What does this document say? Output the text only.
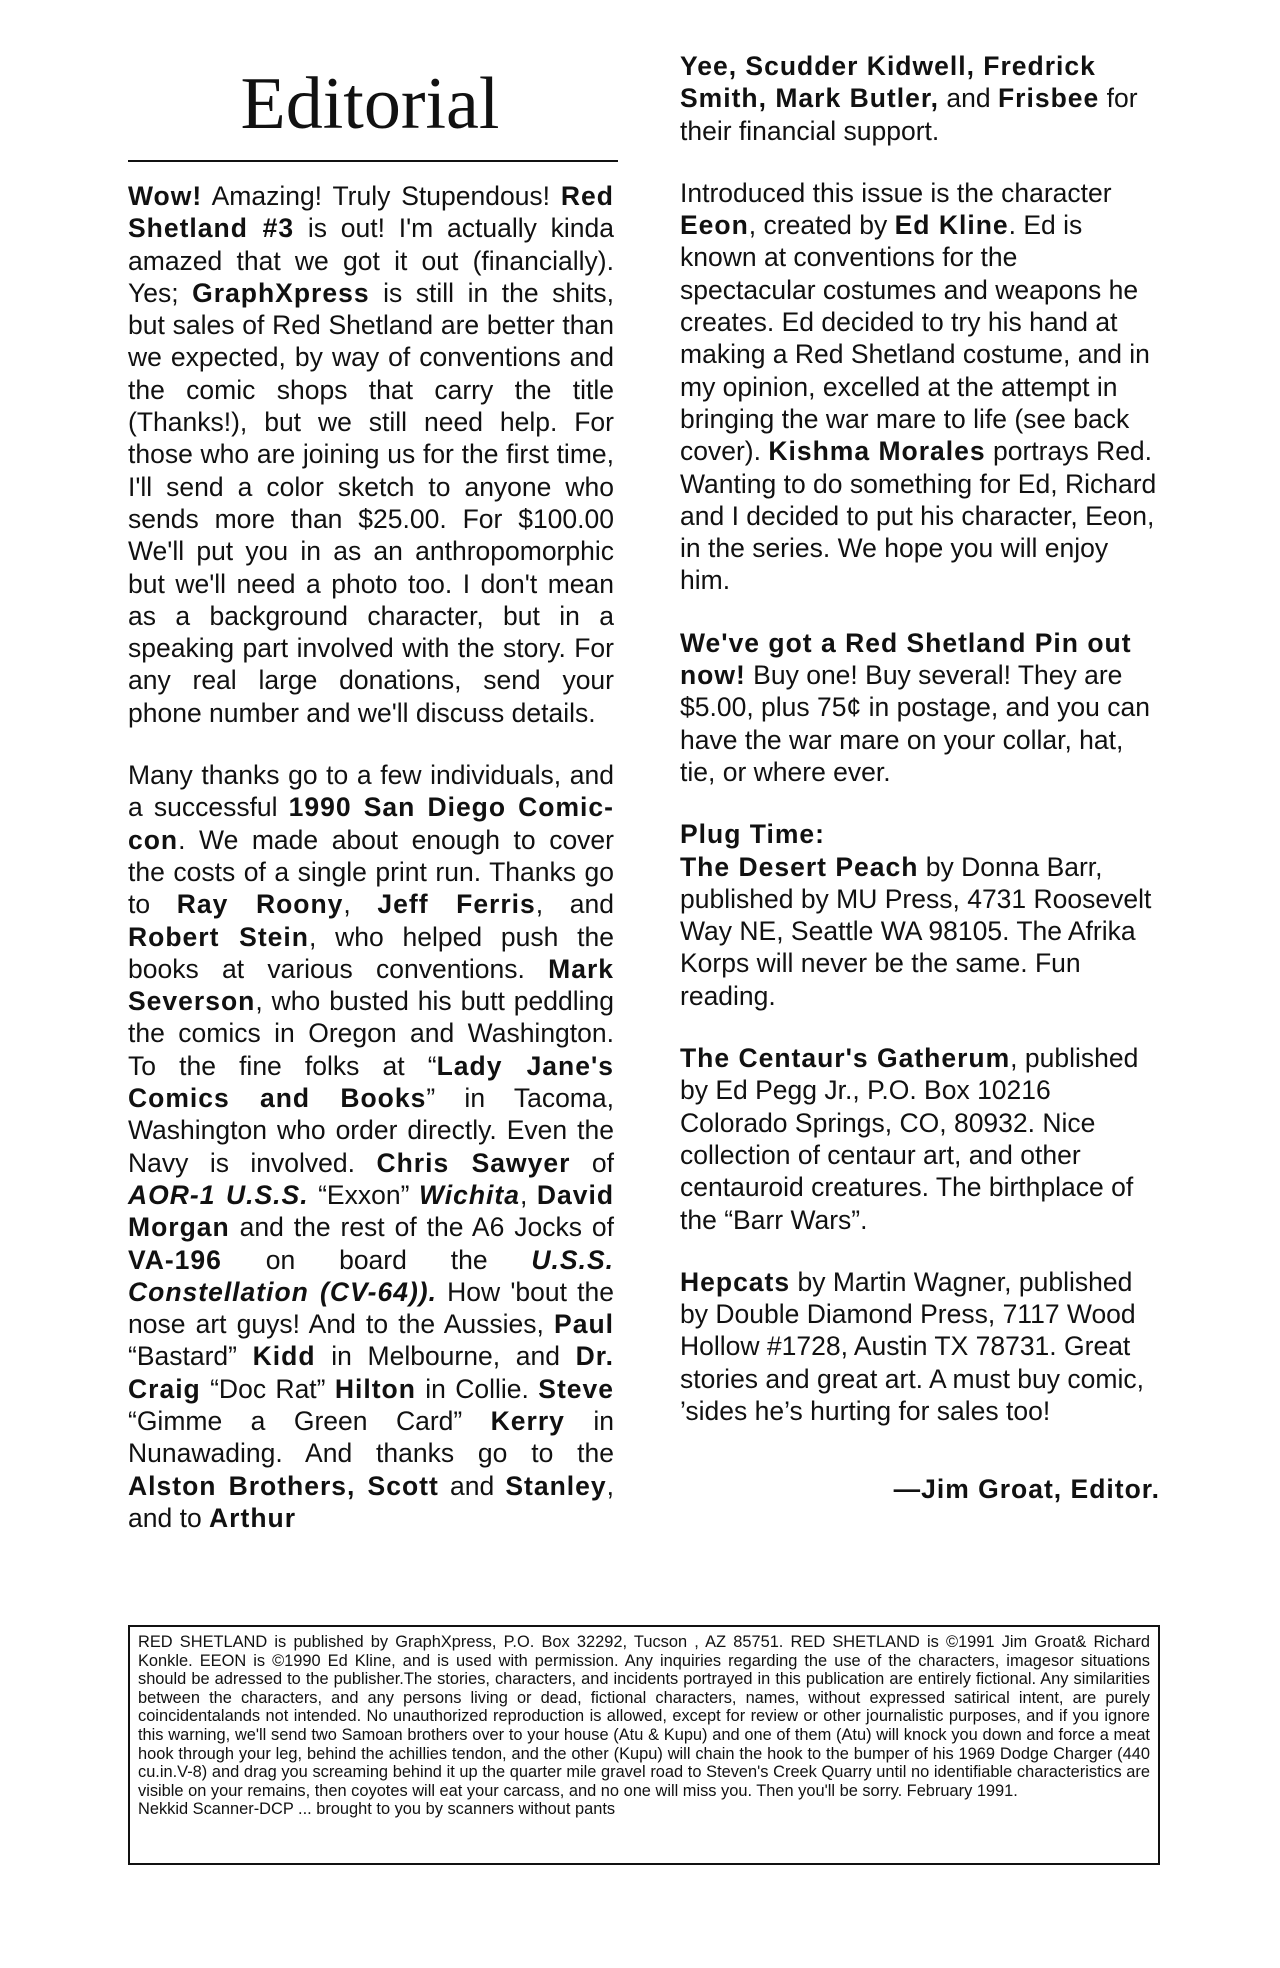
Editorial

Wow! Amazing! Truly Stupendous! Red Shetland #3 is out! I'm actually kinda amazed that we got it out (financially). Yes; GraphXpress is still in the shits, but sales of Red Shetland are better than we expected, by way of conventions and the comic shops that carry the title (Thanks!), but we still need help. For those who are joining us for the first time, I'll send a color sketch to anyone who sends more than $25.00. For $100.00 We'll put you in as an anthropomorphic but we'll need a photo too. I don't mean as a background character, but in a speaking part involved with the story. For any real large donations, send your phone number and we'll discuss details.

Many thanks go to a few individuals, and a successful 1990 San Diego Comic-con. We made about enough to cover the costs of a single print run. Thanks go to Ray Roony, Jeff Ferris, and Robert Stein, who helped push the books at various conventions. Mark Severson, who busted his butt peddling the comics in Oregon and Washington. To the fine folks at “Lady Jane's Comics and Books” in Tacoma, Washington who order directly. Even the Navy is involved. Chris Sawyer of AOR-1 U.S.S. “Exxon” Wichita, David Morgan and the rest of the A6 Jocks of VA-196 on board the U.S.S. Constellation (CV-64)). How 'bout the nose art guys! And to the Aussies, Paul “Bastard” Kidd in Melbourne, and Dr. Craig “Doc Rat” Hilton in Collie. Steve “Gimme a Green Card” Kerry in Nunawading. And thanks go to the Alston Brothers, Scott and Stanley, and to Arthur

Yee, Scudder Kidwell, Fredrick Smith, Mark Butler, and Frisbee for their financial support.

Introduced this issue is the character Eeon, created by Ed Kline. Ed is known at conventions for the spectacular costumes and weapons he creates. Ed decided to try his hand at making a Red Shetland costume, and in my opinion, excelled at the attempt in bringing the war mare to life (see back cover). Kishma Morales portrays Red. Wanting to do something for Ed, Richard and I decided to put his character, Eeon, in the series. We hope you will enjoy him.

We've got a Red Shetland Pin out now! Buy one! Buy several! They are $5.00, plus 75¢ in postage, and you can have the war mare on your collar, hat, tie, or where ever.

Plug Time:
The Desert Peach by Donna Barr, published by MU Press, 4731 Roosevelt Way NE, Seattle WA 98105. The Afrika Korps will never be the same. Fun reading.

The Centaur's Gatherum, published by Ed Pegg Jr., P.O. Box 10216 Colorado Springs, CO, 80932. Nice collection of centaur art, and other centauroid creatures. The birthplace of the “Barr Wars”.

Hepcats by Martin Wagner, published by Double Diamond Press, 7117 Wood Hollow #1728, Austin TX 78731. Great stories and great art. A must buy comic, ’sides he’s hurting for sales too!

—Jim Groat, Editor.

RED SHETLAND is published by GraphXpress, P.O. Box 32292, Tucson , AZ 85751. RED SHETLAND is ©1991 Jim Groat& Richard Konkle. EEON is ©1990 Ed Kline, and is used with permission. Any inquiries regarding the use of the characters, imagesor situations should be adressed to the publisher.The stories, characters, and incidents portrayed in this publication are entirely fictional. Any similarities between the characters, and any persons living or dead, fictional characters, names, without expressed satirical intent, are purely coincidentalands not intended. No unauthorized reproduction is allowed, except for review or other journalistic purposes, and if you ignore this warning, we'll send two Samoan brothers over to your house (Atu & Kupu) and one of them (Atu) will knock you down and force a meat hook through your leg, behind the achillies tendon, and the other (Kupu) will chain the hook to the bumper of his 1969 Dodge Charger (440 cu.in.V-8) and drag you screaming behind it up the quarter mile gravel road to Steven's Creek Quarry until no identifiable characteristics are visible on your remains, then coyotes will eat your carcass, and no one will miss you. Then you'll be sorry. February 1991.

Nekkid Scanner-DCP ... brought to you by scanners without pants
